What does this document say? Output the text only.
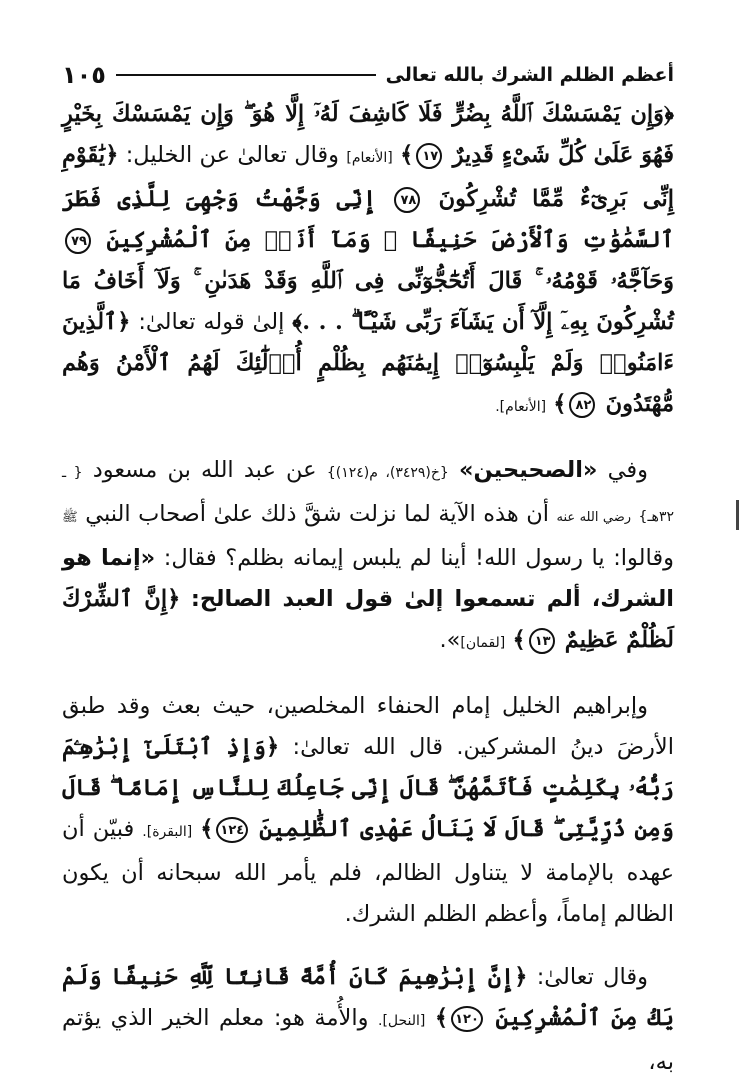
أعظم الظلم الشرك بالله تعالى
١٠٥

﴿وَإِن يَمْسَسْكَ ٱللَّهُ بِضُرٍّ فَلَا كَاشِفَ لَهُۥٓ إِلَّا هُوَ ۖ وَإِن يَمْسَسْكَ بِخَيْرٍ فَهُوَ عَلَىٰ كُلِّ شَىْءٍ قَدِيرٌ ١٧﴾ [الأنعام] وقال تعالىٰ عن الخليل: ﴿يَٰقَوْمِ إِنِّى بَرِىٓءٌ مِّمَّا تُشْرِكُونَ ٧٨ إِنِّى وَجَّهْتُ وَجْهِىَ لِلَّذِى فَطَرَ ٱلسَّمَٰوَٰتِ وَٱلْأَرْضَ حَنِيفًا ۖ وَمَآ أَنَا۠ مِنَ ٱلْمُشْرِكِينَ ٧٩ وَحَآجَّهُۥ قَوْمُهُۥ ۚ قَالَ أَتُحَٰٓجُّوٓنِّى فِى ٱللَّهِ وَقَدْ هَدَىٰنِ ۚ وَلَآ أَخَافُ مَا تُشْرِكُونَ بِهِۦٓ إِلَّآ أَن يَشَآءَ رَبِّى شَيْـًٔا ۗ . . .﴾ إلىٰ قوله تعالىٰ: ﴿ٱلَّذِينَ ءَامَنُوا۟ وَلَمْ يَلْبِسُوٓا۟ إِيمَٰنَهُم بِظُلْمٍ أُو۟لَٰٓئِكَ لَهُمُ ٱلْأَمْنُ وَهُم مُّهْتَدُونَ ٨٢﴾ [الأنعام].

وفي «الصحيحين» {خ(٣٤٢٩)، م(١٢٤)} عن عبد الله بن مسعود { ـ ٣٢هـ} رضي الله عنه أن هذه الآية لما نزلت شقَّ ذلك علىٰ أصحاب النبي ﷺ وقالوا: يا رسول الله! أينا لم يلبس إيمانه بظلم؟ فقال: «إنما هو الشرك، ألم تسمعوا إلىٰ قول العبد الصالح: ﴿إِنَّ ٱلشِّرْكَ لَظُلْمٌ عَظِيمٌ ١٣﴾ [لقمان]».

وإبراهيم الخليل إمام الحنفاء المخلصين، حيث بعث وقد طبق الأرضَ دينُ المشركين. قال الله تعالىٰ: ﴿وَإِذِ ٱبْتَلَىٰٓ إِبْرَٰهِـۧمَ رَبُّهُۥ بِكَلِمَٰتٍ فَأَتَمَّهُنَّ ۖ قَالَ إِنِّى جَاعِلُكَ لِلنَّاسِ إِمَامًا ۖ قَالَ وَمِن ذُرِّيَّتِى ۖ قَالَ لَا يَنَالُ عَهْدِى ٱلظَّٰلِمِينَ ١٢٤﴾ [البقرة]. فبيّن أن عهده بالإمامة لا يتناول الظالم، فلم يأمر الله سبحانه أن يكون الظالم إماماً، وأعظم الظلم الشرك.

وقال تعالىٰ: ﴿إِنَّ إِبْرَٰهِيمَ كَانَ أُمَّةً قَانِتًا لِّلَّهِ حَنِيفًا وَلَمْ يَكُ مِنَ ٱلْمُشْرِكِينَ ١٢٠﴾ [النحل]. والأُمة هو: معلم الخير الذي يؤتم به،
